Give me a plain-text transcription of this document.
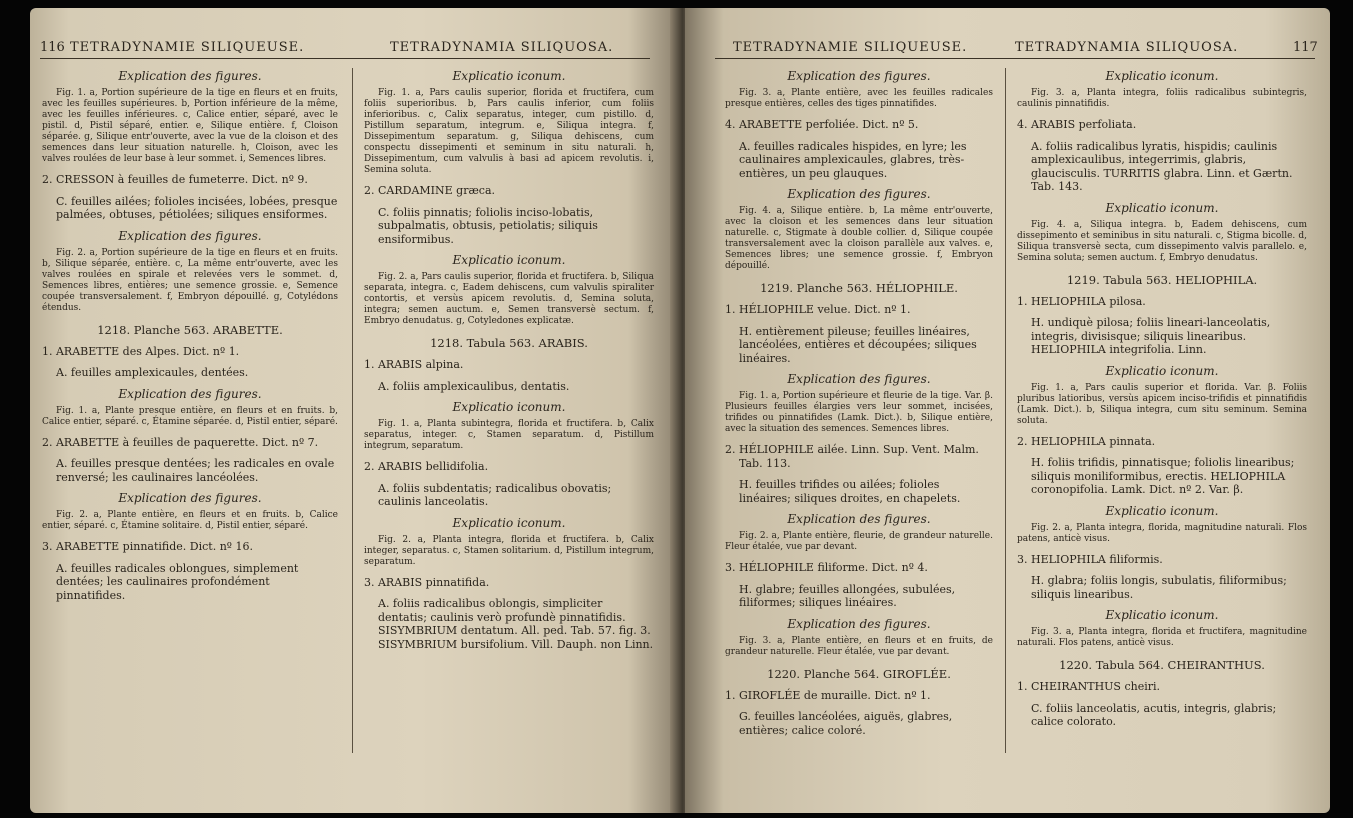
116 TETRADYNAMIE SILIQUEUSE.	TETRADYNAMIA SILIQUOSA.
Explication des figures.
Fig. 1. a, Portion supérieure de la tige en fleurs et en fruits, avec les feuilles supérieures. b, Portion inférieure de la même, avec les feuilles inférieures. c, Calice entier, séparé, avec le pistil. d, Pistil séparé, entier. e, Silique entière. f, Cloison séparée. g, Silique entr'ouverte, avec la vue de la cloison et des semences dans leur situation naturelle. h, Cloison, avec les valves roulées de leur base à leur sommet. i, Semences libres.
2. CRESSON à feuilles de fumeterre. Dict. nº 9.
C. feuilles ailées; folioles incisées, lobées, presque palmées, obtuses, pétiolées; siliques ensiformes.
Explication des figures.
Fig. 2. a, Portion supérieure de la tige en fleurs et en fruits. b, Silique séparée, entière. c, La même entr'ouverte, avec les valves roulées en spirale et relevées vers le sommet. d, Semences libres, entières; une semence grossie. e, Semence coupée transversalement. f, Embryon dépouillé. g, Cotylédons étendus.
1218. Planche 563. ARABETTE.
1. ARABETTE des Alpes. Dict. nº 1.
A. feuilles amplexicaules, dentées.
Explication des figures.
Fig. 1. a, Plante presque entière, en fleurs et en fruits. b, Calice entier, séparé. c, Étamine séparée. d, Pistil entier, séparé.
2. ARABETTE à feuilles de paquerette. Dict. nº 7.
A. feuilles presque dentées; les radicales en ovale renversé; les caulinaires lancéolées.
Explication des figures.
Fig. 2. a, Plante entière, en fleurs et en fruits. b, Calice entier, séparé. c, Étamine solitaire. d, Pistil entier, séparé.
3. ARABETTE pinnatifide. Dict. nº 16.
A. feuilles radicales oblongues, simplement dentées; les caulinaires profondément pinnatifides.
Explicatio iconum.
Fig. 1. a, Pars caulis superior, florida et fructifera, cum foliis superioribus. b, Pars caulis inferior, cum foliis inferioribus. c, Calix separatus, integer, cum pistillo. d, Pistillum separatum, integrum. e, Siliqua integra. f, Dissepimentum separatum. g, Siliqua dehiscens, cum conspectu dissepimenti et seminum in situ naturali. h, Dissepimentum, cum valvulis à basi ad apicem revolutis. i, Semina soluta.
2. CARDAMINE græca.
C. foliis pinnatis; foliolis inciso-lobatis, subpalmatis, obtusis, petiolatis; siliquis ensiformibus.
Explicatio iconum.
Fig. 2. a, Pars caulis superior, florida et fructifera. b, Siliqua separata, integra. c, Eadem dehiscens, cum valvulis spiraliter contortis, et versùs apicem revolutis. d, Semina soluta, integra; semen auctum. e, Semen transversè sectum. f, Embryo denudatus. g, Cotyledones explicatæ.
1218. Tabula 563. ARABIS.
1. ARABIS alpina.
A. foliis amplexicaulibus, dentatis.
Explicatio iconum.
Fig. 1. a, Planta subintegra, florida et fructifera. b, Calix separatus, integer. c, Stamen separatum. d, Pistillum integrum, separatum.
2. ARABIS bellidifolia.
A. foliis subdentatis; radicalibus obovatis; caulinis lanceolatis.
Explicatio iconum.
Fig. 2. a, Planta integra, florida et fructifera. b, Calix integer, separatus. c, Stamen solitarium. d, Pistillum integrum, separatum.
3. ARABIS pinnatifida.
A. foliis radicalibus oblongis, simpliciter dentatis; caulinis verò profundè pinnatifidis. SISYMBRIUM dentatum. All. ped. Tab. 57. fig. 3. SISYMBRIUM bursifolium. Vill. Dauph. non Linn.
TETRADYNAMIE SILIQUEUSE.	TETRADYNAMIA SILIQUOSA.	117
Explication des figures.
Fig. 3. a, Plante entière, avec les feuilles radicales presque entières, celles des tiges pinnatifides.
4. ARABETTE perfoliée. Dict. nº 5.
A. feuilles radicales hispides, en lyre; les caulinaires amplexicaules, glabres, très-entières, un peu glauques.
Explication des figures.
Fig. 4. a, Silique entière. b, La même entr'ouverte, avec la cloison et les semences dans leur situation naturelle. c, Stigmate à double collier. d, Silique coupée transversalement avec la cloison parallèle aux valves. e, Semences libres; une semence grossie. f, Embryon dépouillé.
1219. Planche 563. HÉLIOPHILE.
1. HÉLIOPHILE velue. Dict. nº 1.
H. entièrement pileuse; feuilles linéaires, lancéolées, entières et découpées; siliques linéaires.
Explication des figures.
Fig. 1. a, Portion supérieure et fleurie de la tige. Var. β. Plusieurs feuilles élargies vers leur sommet, incisées, trifides ou pinnatifides (Lamk. Dict.). b, Silique entière, avec la situation des semences. Semences libres.
2. HÉLIOPHILE ailée. Linn. Sup. Vent. Malm. Tab. 113.
H. feuilles trifides ou ailées; folioles linéaires; siliques droites, en chapelets.
Explication des figures.
Fig. 2. a, Plante entière, fleurie, de grandeur naturelle. Fleur étalée, vue par devant.
3. HÉLIOPHILE filiforme. Dict. nº 4.
H. glabre; feuilles allongées, subulées, filiformes; siliques linéaires.
Explication des figures.
Fig. 3. a, Plante entière, en fleurs et en fruits, de grandeur naturelle. Fleur étalée, vue par devant.
1220. Planche 564. GIROFLÉE.
1. GIROFLÉE de muraille. Dict. nº 1.
G. feuilles lancéolées, aiguës, glabres, entières; calice coloré.
Explicatio iconum.
Fig. 3. a, Planta integra, foliis radicalibus subintegris, caulinis pinnatifidis.
4. ARABIS perfoliata.
A. foliis radicalibus lyratis, hispidis; caulinis amplexicaulibus, integerrimis, glabris, glaucisculis. TURRITIS glabra. Linn. et Gærtn. Tab. 143.
Explicatio iconum.
Fig. 4. a, Siliqua integra. b, Eadem dehiscens, cum dissepimento et seminibus in situ naturali. c, Stigma bicolle. d, Siliqua transversè secta, cum dissepimento valvis parallelo. e, Semina soluta; semen auctum. f, Embryo denudatus.
1219. Tabula 563. HELIOPHILA.
1. HELIOPHILA pilosa.
H. undiquè pilosa; foliis lineari-lanceolatis, integris, divisisque; siliquis linearibus. HELIOPHILA integrifolia. Linn.
Explicatio iconum.
Fig. 1. a, Pars caulis superior et florida. Var. β. Foliis pluribus latioribus, versùs apicem inciso-trifidis et pinnatifidis (Lamk. Dict.). b, Siliqua integra, cum situ seminum. Semina soluta.
2. HELIOPHILA pinnata.
H. foliis trifidis, pinnatisque; foliolis linearibus; siliquis moniliformibus, erectis. HELIOPHILA coronopifolia. Lamk. Dict. nº 2. Var. β.
Explicatio iconum.
Fig. 2. a, Planta integra, florida, magnitudine naturali. Flos patens, anticè visus.
3. HELIOPHILA filiformis.
H. glabra; foliis longis, subulatis, filiformibus; siliquis linearibus.
Explicatio iconum.
Fig. 3. a, Planta integra, florida et fructifera, magnitudine naturali. Flos patens, anticè visus.
1220. Tabula 564. CHEIRANTHUS.
1. CHEIRANTHUS cheiri.
C. foliis lanceolatis, acutis, integris, glabris; calice colorato.
